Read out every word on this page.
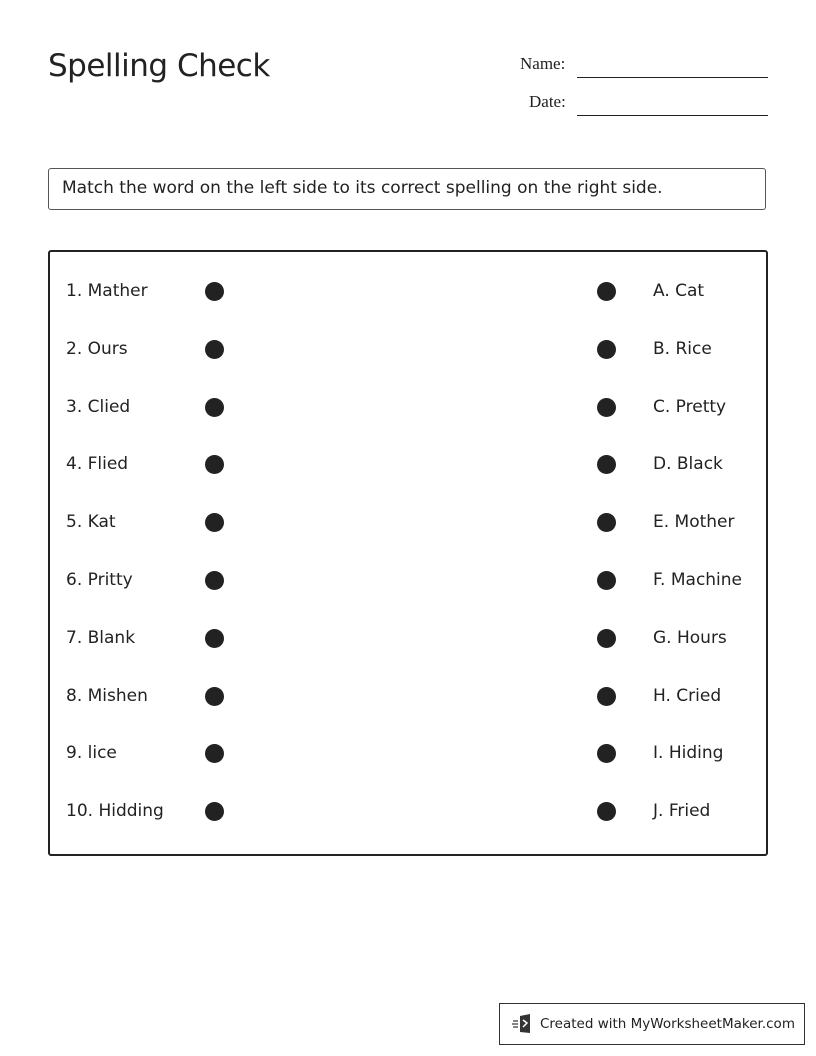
Spelling Check	Name:
Date:
Match the word on the left side to its correct spelling on the right side.
1. Mather	A. Cat
2. Ours	B. Rice
3. Clied	C. Pretty
4. Flied	D. Black
5. Kat	E. Mother
6. Pritty	F. Machine
7. Blank	G. Hours
8. Mishen	H. Cried
9. lice	I. Hiding
10. Hidding	J. Fried
Created with MyWorksheetMaker.com
